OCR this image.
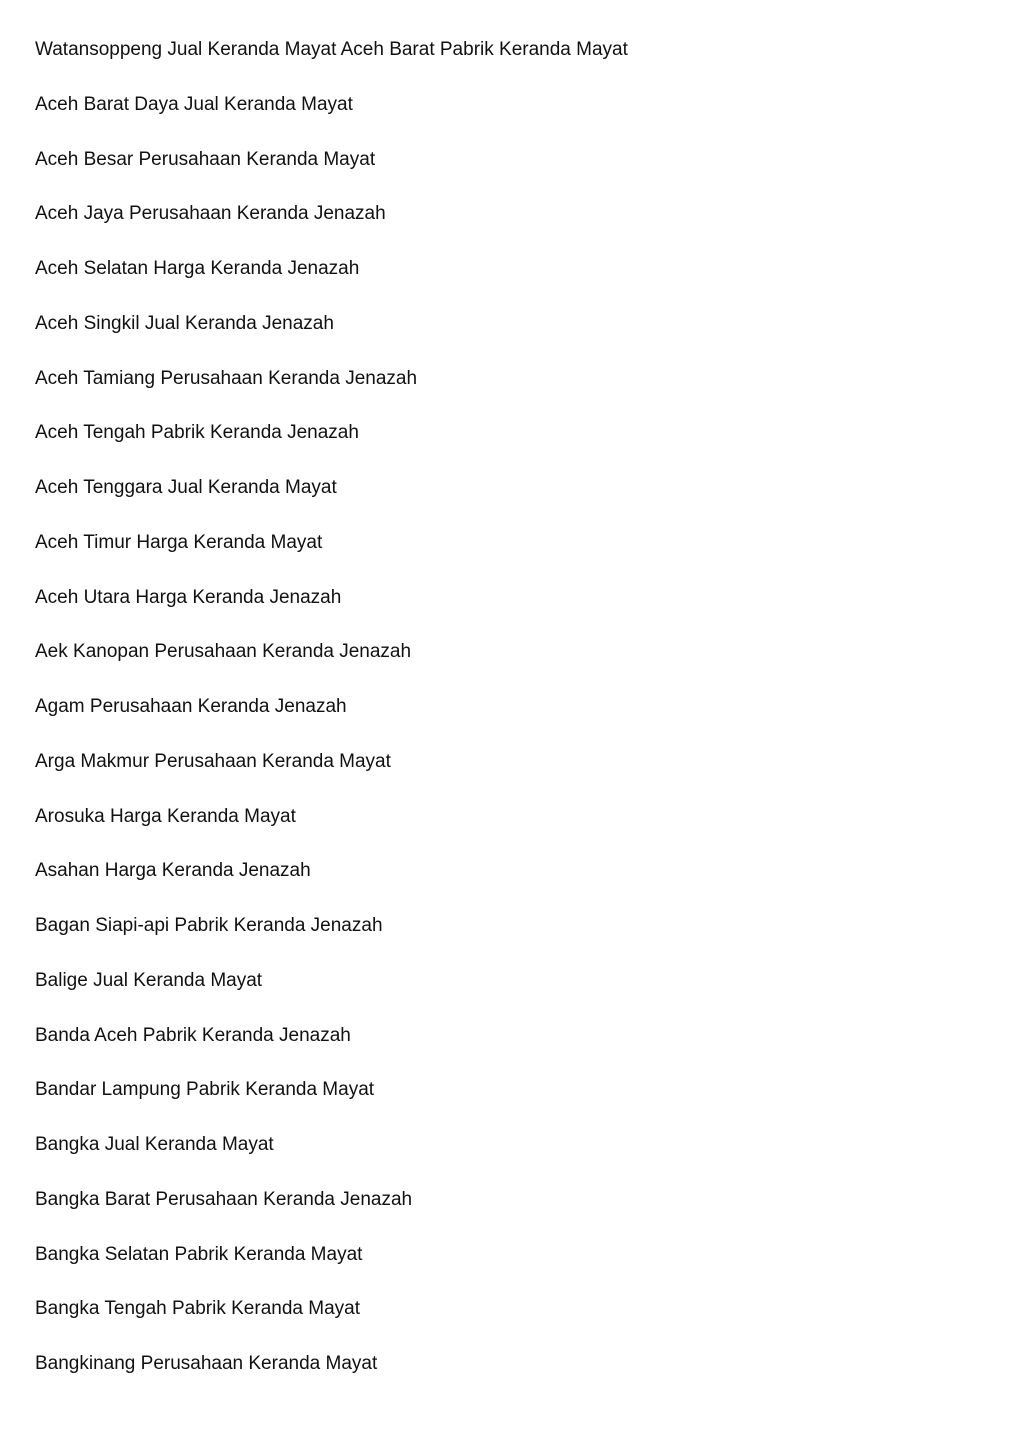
Watansoppeng Jual Keranda Mayat Aceh Barat Pabrik Keranda Mayat
Aceh Barat Daya Jual Keranda Mayat
Aceh Besar Perusahaan Keranda Mayat
Aceh Jaya Perusahaan Keranda Jenazah
Aceh Selatan Harga Keranda Jenazah
Aceh Singkil Jual Keranda Jenazah
Aceh Tamiang Perusahaan Keranda Jenazah
Aceh Tengah Pabrik Keranda Jenazah
Aceh Tenggara Jual Keranda Mayat
Aceh Timur Harga Keranda Mayat
Aceh Utara Harga Keranda Jenazah
Aek Kanopan Perusahaan Keranda Jenazah
Agam Perusahaan Keranda Jenazah
Arga Makmur Perusahaan Keranda Mayat
Arosuka Harga Keranda Mayat
Asahan Harga Keranda Jenazah
Bagan Siapi-api Pabrik Keranda Jenazah
Balige Jual Keranda Mayat
Banda Aceh Pabrik Keranda Jenazah
Bandar Lampung Pabrik Keranda Mayat
Bangka Jual Keranda Mayat
Bangka Barat Perusahaan Keranda Jenazah
Bangka Selatan Pabrik Keranda Mayat
Bangka Tengah Pabrik Keranda Mayat
Bangkinang Perusahaan Keranda Mayat
